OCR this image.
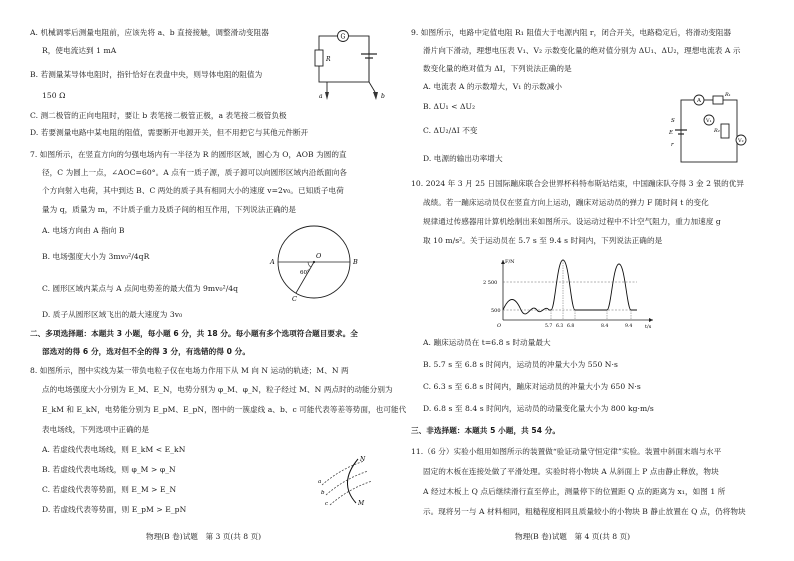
A. 机械调零后测量电阻前，应该先将 a、b 直接接触，调整滑动变阻器
R，使电流达到 1 mA
B. 若测量某导体电阻时，指针恰好在表盘中央，则导体电阻的阻值为
150 Ω
C. 测二极管的正向电阻时，要让 b 表笔接二极管正极，a 表笔接二极管负极
D. 若要测量电路中某电阻的阻值，需要断开电源开关，但不用把它与其他元件断开
G
R
a	b
7. 如图所示，在竖直方向的匀强电场内有一半径为 R 的圆形区域，圆心为 O，AOB 为圆的直
径，C 为圆上一点，∠AOC=60°。A 点有一质子源，质子源可以向圆形区域内沿纸面向各
个方向射入电荷，其中到达 B、C 两处的质子具有相同大小的速度 v=2v₀。已知质子电荷
量为 q，质量为 m，不计质子重力及质子间的相互作用，下列说法正确的是
A. 电场方向由 A 指向 B
B. 电场强度大小为 3mv₀²/4qR
C. 圆形区域内某点与 A 点间电势差的最大值为 9mv₀²/4q
D. 质子从圆形区域飞出的最大速度为 3v₀
A	B
C
O
60°
二、多项选择题：本题共 3 小题，每小题 6 分，共 18 分。每小题有多个选项符合题目要求。全
部选对的得 6 分，选对但不全的得 3 分，有选错的得 0 分。
8. 如图所示，图中实线为某一带负电粒子仅在电场力作用下从 M 向 N 运动的轨迹；M、N 两
点的电场强度大小分别为 E_M、E_N，电势分别为 φ_M、φ_N，粒子经过 M、N 两点时的动能分别为
E_kM 和 E_kN，电势能分别为 E_pM、E_pN，图中的一簇虚线 a、b、c 可能代表等差等势面，也可能代
表电场线，下列选项中正确的是
A. 若虚线代表电场线，则 E_kM < E_kN
B. 若虚线代表电场线，则 φ_M > φ_N
C. 若虚线代表等势面，则 E_M > E_N
D. 若虚线代表等势面，则 E_pM > E_pN
N
M
a
b
c
物理(B 卷)试题　第 3 页(共 8 页)
9. 如图所示，电路中定值电阻 R₁ 阻值大于电源内阻 r，闭合开关，电路稳定后，将滑动变阻器
滑片向下滑动，理想电压表 V₁、V₂ 示数变化量的绝对值分别为 ΔU₁、ΔU₂，理想电流表 A 示
数变化量的绝对值为 ΔI，下列说法正确的是
A. 电流表 A 的示数增大，V₁ 的示数减小
B. ΔU₁ < ΔU₂
C. ΔU₂/ΔI 不变
D. 电源的输出功率增大
A
R₁
V₁
R₂
V₂
E
S
r
10. 2024 年 3 月 25 日国际蹦床联合会世界杯科特布斯站结束，中国蹦床队夺得 3 金 2 银的优异
战绩。若一蹦床运动员仅在竖直方向上运动，蹦床对运动员的弹力 F 随时间 t 的变化
规律通过传感器用计算机绘制出来如图所示。设运动过程中不计空气阻力，重力加速度 g
取 10 m/s²。关于运动员在 5.7 s 至 9.4 s 时间内，下列说法正确的是
F/N
t/s
O
2 500
500
5.7 6.3 6.8	8.4	9.4
A. 蹦床运动员在 t=6.8 s 时动量最大
B. 5.7 s 至 6.8 s 时间内，运动员的冲量大小为 550 N·s
C. 6.3 s 至 6.8 s 时间内，蹦床对运动员的冲量大小为 650 N·s
D. 6.8 s 至 8.4 s 时间内，运动员的动量变化量大小为 800 kg·m/s
三、非选择题：本题共 5 小题，共 54 分。
11.（6 分）实验小组用如图所示的装置做“验证动量守恒定律”实验。装置中斜面末端与水平
固定的木板在连接处做了平滑处理。实验时将小物块 A 从斜面上 P 点由静止释放，物块
A 经过木板上 Q 点后继续滑行直至停止，测量停下的位置距 Q 点的距离为 x₁，如图 1 所
示。现将另一与 A 材料相同，粗糙程度相同且质量较小的小物块 B 静止放置在 Q 点，仍将物块
物理(B 卷)试题　第 4 页(共 8 页)
